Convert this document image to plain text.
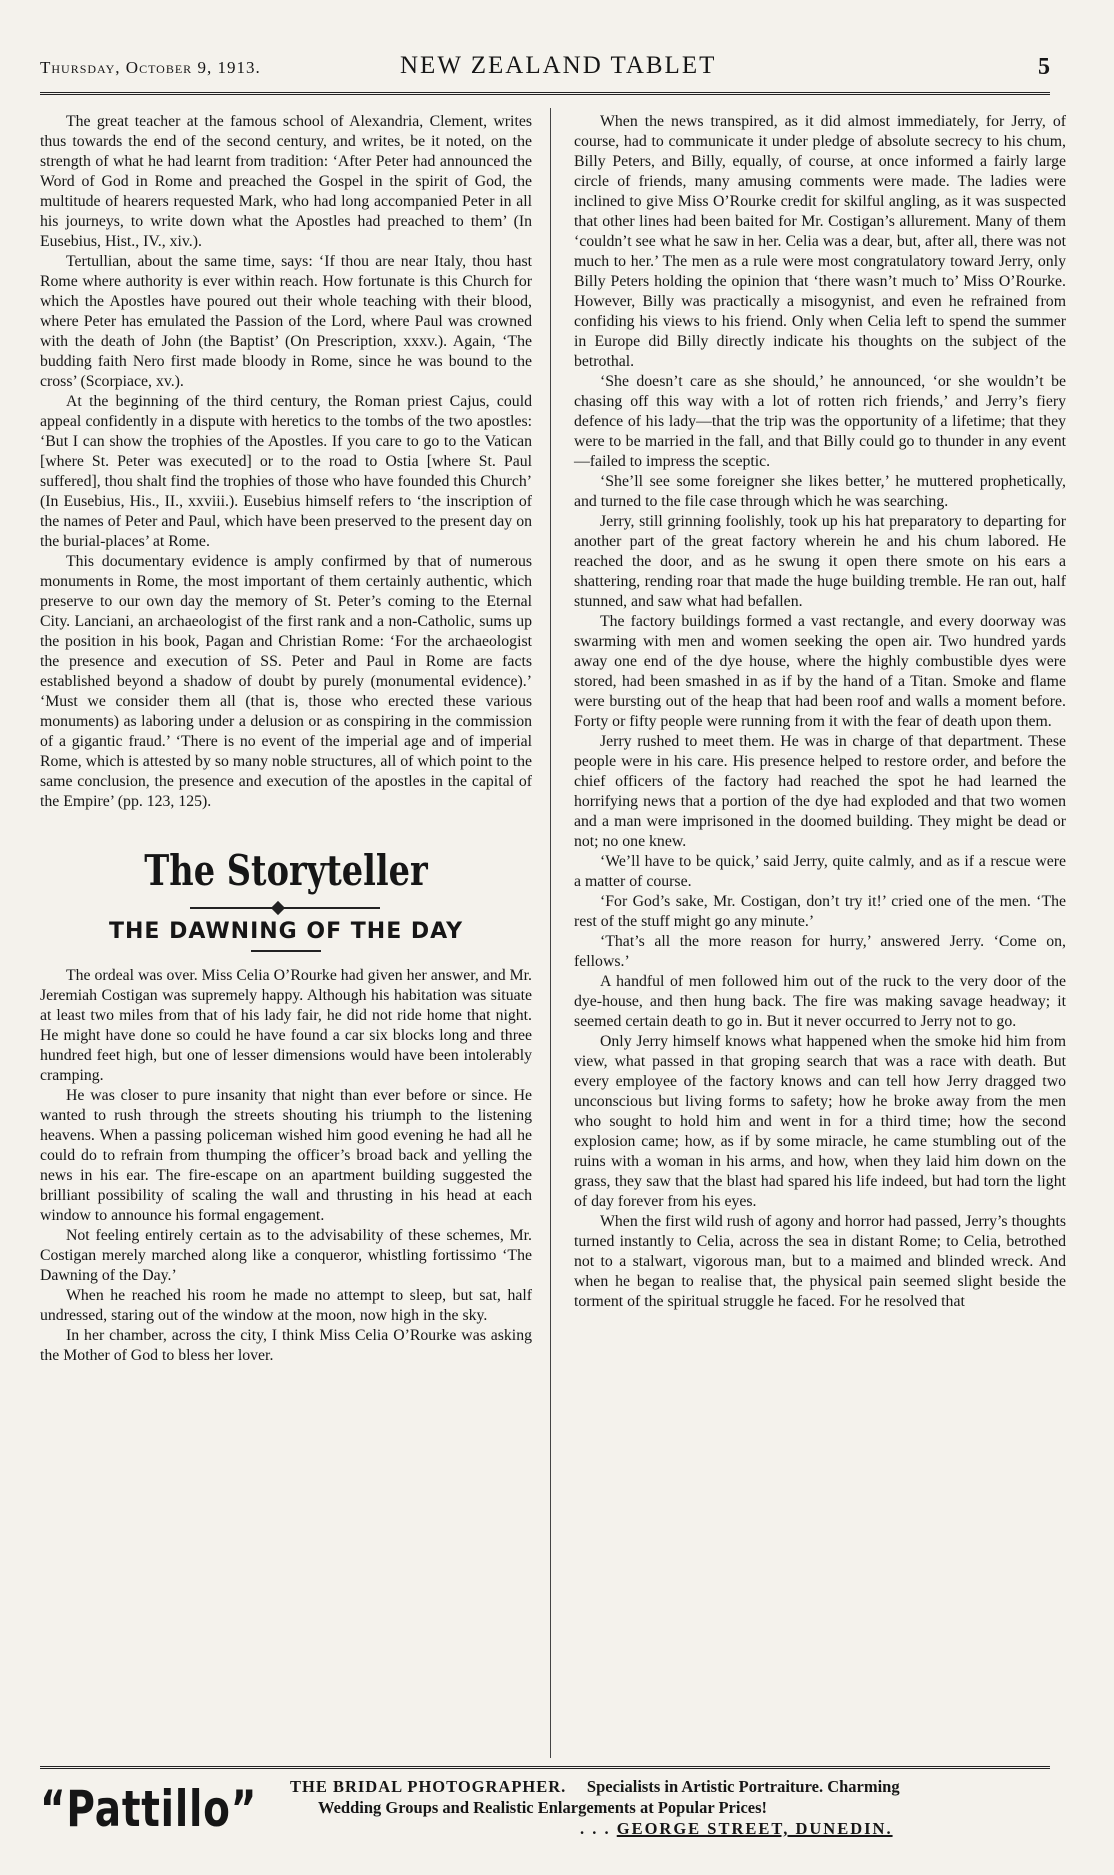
Thursday, October 9, 1913.	NEW ZEALAND TABLET	5

The great teacher at the famous school of Alexandria, Clement, writes thus towards the end of the second century, and writes, be it noted, on the strength of what he had learnt from tradition: ‘After Peter had announced the Word of God in Rome and preached the Gospel in the spirit of God, the multitude of hearers requested Mark, who had long accompanied Peter in all his journeys, to write down what the Apostles had preached to them’ (In Eusebius, Hist., IV., xiv.).

Tertullian, about the same time, says: ‘If thou are near Italy, thou hast Rome where authority is ever within reach. How fortunate is this Church for which the Apostles have poured out their whole teaching with their blood, where Peter has emulated the Passion of the Lord, where Paul was crowned with the death of John (the Baptist’ (On Prescription, xxxv.). Again, ‘The budding faith Nero first made bloody in Rome, since he was bound to the cross’ (Scorpiace, xv.).

At the beginning of the third century, the Roman priest Cajus, could appeal confidently in a dispute with heretics to the tombs of the two apostles: ‘But I can show the trophies of the Apostles. If you care to go to the Vatican [where St. Peter was executed] or to the road to Ostia [where St. Paul suffered], thou shalt find the trophies of those who have founded this Church’ (In Eusebius, His., II., xxviii.). Eusebius himself refers to ‘the inscription of the names of Peter and Paul, which have been preserved to the present day on the burial-places’ at Rome.

This documentary evidence is amply confirmed by that of numerous monuments in Rome, the most important of them certainly authentic, which preserve to our own day the memory of St. Peter’s coming to the Eternal City. Lanciani, an archaeologist of the first rank and a non-Catholic, sums up the position in his book, Pagan and Christian Rome: ‘For the archaeologist the presence and execution of SS. Peter and Paul in Rome are facts established beyond a shadow of doubt by purely (monumental evidence).’ ‘Must we consider them all (that is, those who erected these various monuments) as laboring under a delusion or as conspiring in the commission of a gigantic fraud.’ ‘There is no event of the imperial age and of imperial Rome, which is attested by so many noble structures, all of which point to the same conclusion, the presence and execution of the apostles in the capital of the Empire’ (pp. 123, 125).

The Storyteller
THE DAWNING OF THE DAY

The ordeal was over. Miss Celia O’Rourke had given her answer, and Mr. Jeremiah Costigan was supremely happy. Although his habitation was situate at least two miles from that of his lady fair, he did not ride home that night. He might have done so could he have found a car six blocks long and three hundred feet high, but one of lesser dimensions would have been intolerably cramping.

He was closer to pure insanity that night than ever before or since. He wanted to rush through the streets shouting his triumph to the listening heavens. When a passing policeman wished him good evening he had all he could do to refrain from thumping the officer’s broad back and yelling the news in his ear. The fire-escape on an apartment building suggested the brilliant possibility of scaling the wall and thrusting in his head at each window to announce his formal engagement.

Not feeling entirely certain as to the advisability of these schemes, Mr. Costigan merely marched along like a conqueror, whistling fortissimo ‘The Dawning of the Day.’

When he reached his room he made no attempt to sleep, but sat, half undressed, staring out of the window at the moon, now high in the sky.

In her chamber, across the city, I think Miss Celia O’Rourke was asking the Mother of God to bless her lover.

When the news transpired, as it did almost immediately, for Jerry, of course, had to communicate it under pledge of absolute secrecy to his chum, Billy Peters, and Billy, equally, of course, at once informed a fairly large circle of friends, many amusing comments were made. The ladies were inclined to give Miss O’Rourke credit for skilful angling, as it was suspected that other lines had been baited for Mr. Costigan’s allurement. Many of them ‘couldn’t see what he saw in her. Celia was a dear, but, after all, there was not much to her.’ The men as a rule were most congratulatory toward Jerry, only Billy Peters holding the opinion that ‘there wasn’t much to’ Miss O’Rourke. However, Billy was practically a misogynist, and even he refrained from confiding his views to his friend. Only when Celia left to spend the summer in Europe did Billy directly indicate his thoughts on the subject of the betrothal.

‘She doesn’t care as she should,’ he announced, ‘or she wouldn’t be chasing off this way with a lot of rotten rich friends,’ and Jerry’s fiery defence of his lady—that the trip was the opportunity of a lifetime; that they were to be married in the fall, and that Billy could go to thunder in any event—failed to impress the sceptic.

‘She’ll see some foreigner she likes better,’ he muttered prophetically, and turned to the file case through which he was searching.

Jerry, still grinning foolishly, took up his hat preparatory to departing for another part of the great factory wherein he and his chum labored. He reached the door, and as he swung it open there smote on his ears a shattering, rending roar that made the huge building tremble. He ran out, half stunned, and saw what had befallen.

The factory buildings formed a vast rectangle, and every doorway was swarming with men and women seeking the open air. Two hundred yards away one end of the dye house, where the highly combustible dyes were stored, had been smashed in as if by the hand of a Titan. Smoke and flame were bursting out of the heap that had been roof and walls a moment before. Forty or fifty people were running from it with the fear of death upon them.

Jerry rushed to meet them. He was in charge of that department. These people were in his care. His presence helped to restore order, and before the chief officers of the factory had reached the spot he had learned the horrifying news that a portion of the dye had exploded and that two women and a man were imprisoned in the doomed building. They might be dead or not; no one knew.

‘We’ll have to be quick,’ said Jerry, quite calmly, and as if a rescue were a matter of course.

‘For God’s sake, Mr. Costigan, don’t try it!’ cried one of the men. ‘The rest of the stuff might go any minute.’

‘That’s all the more reason for hurry,’ answered Jerry. ‘Come on, fellows.’

A handful of men followed him out of the ruck to the very door of the dye-house, and then hung back. The fire was making savage headway; it seemed certain death to go in. But it never occurred to Jerry not to go.

Only Jerry himself knows what happened when the smoke hid him from view, what passed in that groping search that was a race with death. But every employee of the factory knows and can tell how Jerry dragged two unconscious but living forms to safety; how he broke away from the men who sought to hold him and went in for a third time; how the second explosion came; how, as if by some miracle, he came stumbling out of the ruins with a woman in his arms, and how, when they laid him down on the grass, they saw that the blast had spared his life indeed, but had torn the light of day forever from his eyes.

When the first wild rush of agony and horror had passed, Jerry’s thoughts turned instantly to Celia, across the sea in distant Rome; to Celia, betrothed not to a stalwart, vigorous man, but to a maimed and blinded wreck. And when he began to realise that, the physical pain seemed slight beside the torment of the spiritual struggle he faced. For he resolved that

“Pattillo” THE BRIDAL PHOTOGRAPHER. Specialists in Artistic Portraiture. Charming
Wedding Groups and Realistic Enlargements at Popular Prices!
. . . GEORGE STREET, DUNEDIN.
